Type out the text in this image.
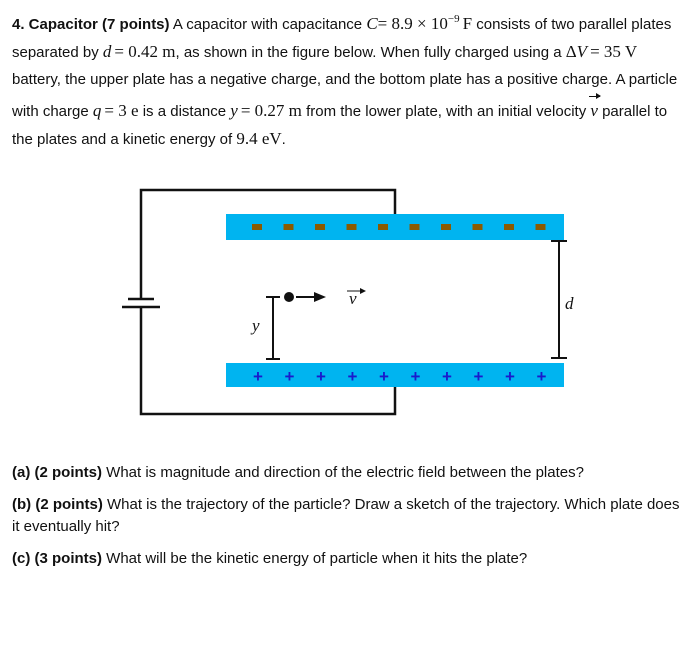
4. Capacitor (7 points) A capacitor with capacitance $C= 8.9 \times 10^{-9}$  F consists of two parallel plates separated by d  = 0.42 m, as shown in the figure below. When fully charged using a ΔV  = 35 V battery, the upper plate has a negative charge, and the bottom plate has a positive charge. A particle with charge q  = 3 e is a distance y  = 0.27 m from the lower plate, with an initial velocity v parallel to the plates and a kinetic energy of 9.4 eV.
+ + + + + + + + + +
d
y
v
(a) (2 points) What is magnitude and direction of the electric field between the plates?
(b) (2 points) What is the trajectory of the particle? Draw a sketch of the trajectory. Which plate does it eventually hit?
(c) (3 points) What will be the kinetic energy of particle when it hits the plate?
